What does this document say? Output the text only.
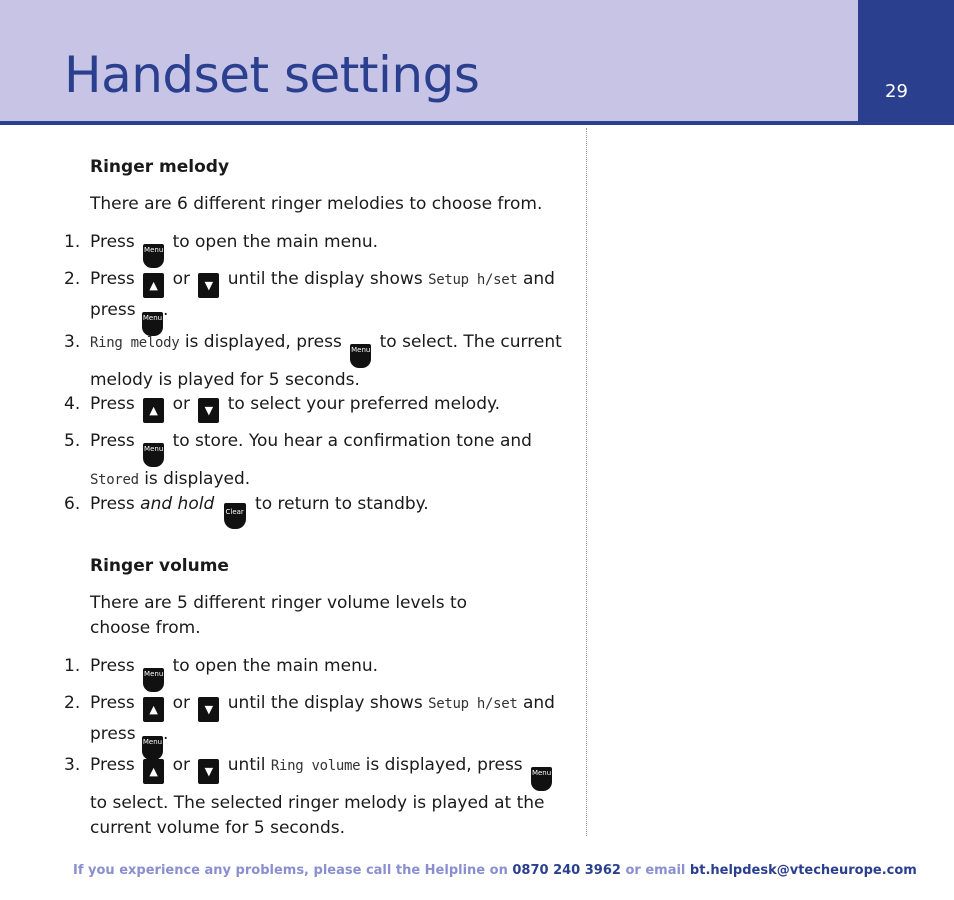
29
Handset settings
Ringer melody
There are 6 different ringer melodies to choose from.
1. Press Menu to open the main menu.
2. Press ▲ or ▼ until the display shows Setup h/set and
press Menu.
3. Ring melody is displayed, press Menu to select. The current melody is played for 5 seconds.
4. Press ▲ or ▼ to select your preferred melody.
5. Press Menu to store. You hear a confirmation tone and
Stored is displayed.
6. Press and hold Clear to return to standby.
Ringer volume
There are 5 different ringer volume levels to
choose from.
1. Press Menu to open the main menu.
2. Press ▲ or ▼ until the display shows Setup h/set and
press Menu.
3. Press ▲ or ▼ until Ring volume is displayed, press Menu to select. The selected ringer melody is played at the current volume for 5 seconds.
If you experience any problems, please call the Helpline on 0870 240 3962 or email bt.helpdesk@vtecheurope.com
